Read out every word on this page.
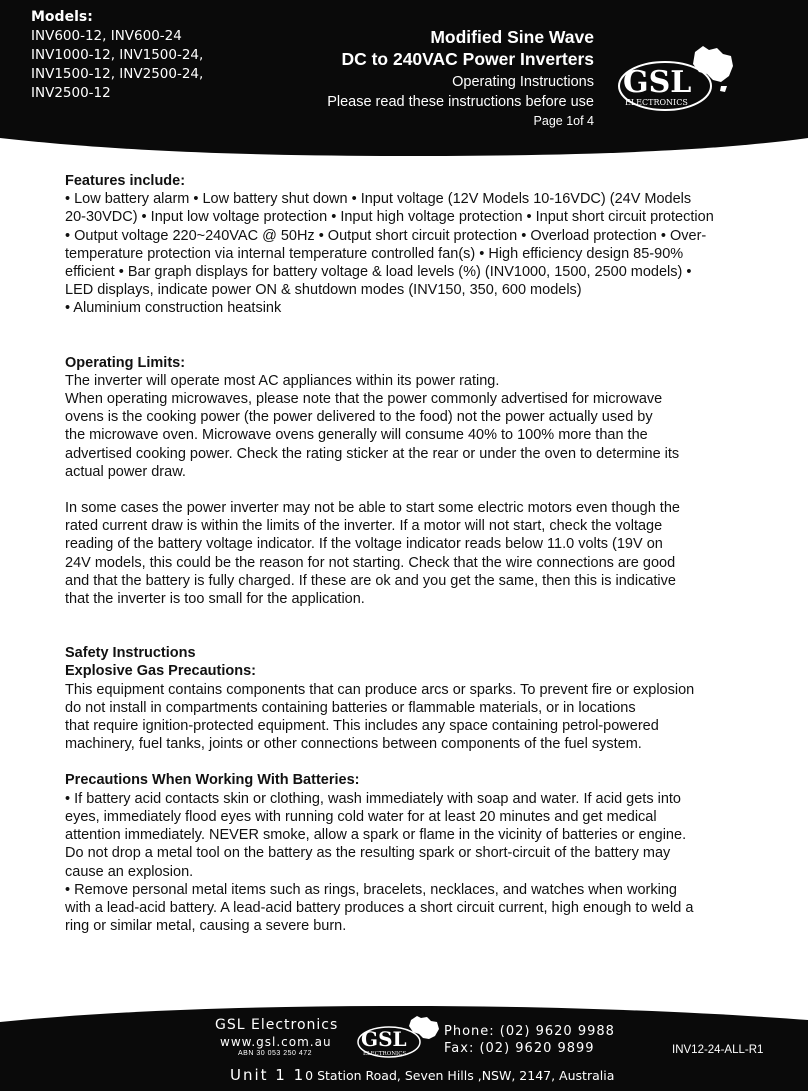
Models:
INV600-12, INV600-24
INV1000-12, INV1500-24,
INV1500-12, INV2500-24,
INV2500-12
Modified Sine Wave
DC to 240VAC Power Inverters
Operating Instructions
Please read these instructions before use
Page 1of 4
GSL
ELECTRONICS
Features include:

• Low battery alarm • Low battery shut down • Input voltage (12V Models 10-16VDC) (24V Models

20-30VDC) • Input low voltage protection • Input high voltage protection • Input short circuit protection

• Output voltage 220~240VAC @ 50Hz • Output short circuit protection • Overload protection • Over-

temperature protection via internal temperature controlled fan(s) • High efficiency design 85-90%

efficient • Bar graph displays for battery voltage & load levels (%) (INV1000, 1500, 2500 models) •

LED displays, indicate power ON & shutdown modes (INV150, 350, 600 models)

• Aluminium construction heatsink

Operating Limits:

The inverter will operate most AC appliances within its power rating.

When operating microwaves, please note that the power commonly advertised for microwave

ovens is the cooking power (the power delivered to the food) not the power actually used by

the microwave oven. Microwave ovens generally will consume 40% to 100% more than the

advertised cooking power. Check the rating sticker at the rear or under the oven to determine its

actual power draw.

In some cases the power inverter may not be able to start some electric motors even though the

rated current draw is within the limits of the inverter. If a motor will not start, check the voltage

reading of the battery voltage indicator. If the voltage indicator reads below 11.0 volts (19V on

24V models, this could be the reason for not starting. Check that the wire connections are good

and that the battery is fully charged. If these are ok and you get the same, then this is indicative

that the inverter is too small for the application.

Safety Instructions
Explosive Gas Precautions:

This equipment contains components that can produce arcs or sparks. To prevent fire or explosion

do not install in compartments containing batteries or flammable materials, or in locations

that require ignition-protected equipment. This includes any space containing petrol-powered

machinery, fuel tanks, joints or other connections between components of the fuel system.

Precautions When Working With Batteries:

• If battery acid contacts skin or clothing, wash immediately with soap and water. If acid gets into

eyes, immediately flood eyes with running cold water for at least 20 minutes and get medical

attention immediately. NEVER smoke, allow a spark or flame in the vicinity of batteries or engine.

Do not drop a metal tool on the battery as the resulting spark or short-circuit of the battery may

cause an explosion.

• Remove personal metal items such as rings, bracelets, necklaces, and watches when working

with a lead-acid battery. A lead-acid battery produces a short circuit current, high enough to weld a

ring or similar metal, causing a severe burn.

GSL Electronics
www.gsl.com.au
ABN 30 053 250 472
GSL
ELECTRONICS
Phone: (02) 9620 9988
Fax: (02) 9620 9899	INV12-24-ALL-R1
Unit 1 10 Station Road, Seven Hills ,NSW, 2147, Australia
